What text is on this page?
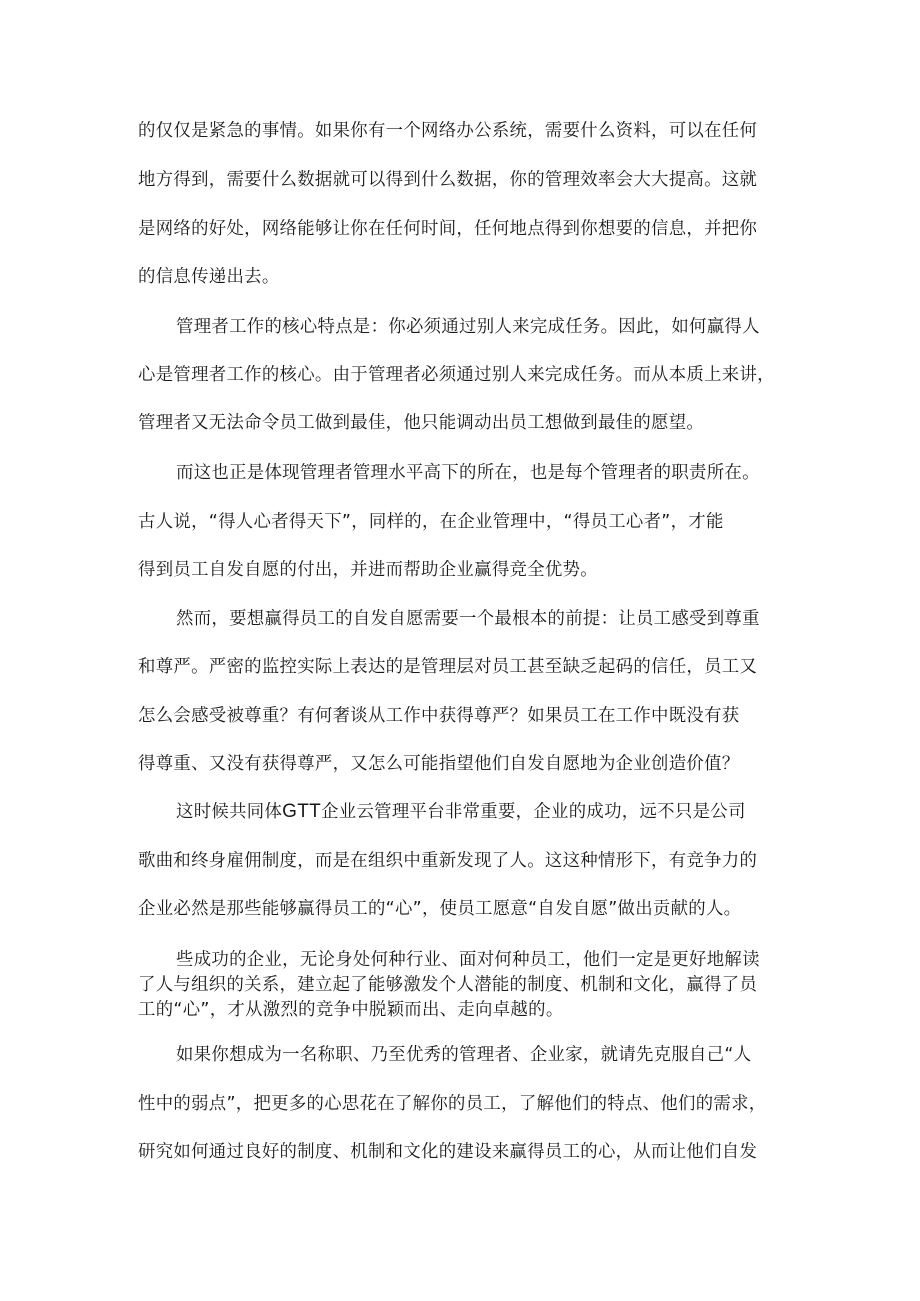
的仅仅是紧急的事情。如果你有一个网络办公系统，需要什么资料，可以在任何
地方得到，需要什么数据就可以得到什么数据，你的管理效率会大大提高。这就
是网络的好处，网络能够让你在任何时间，任何地点得到你想要的信息，并把你
的信息传递出去。
管理者工作的核心特点是：你必须通过别人来完成任务。因此，如何赢得人
心是管理者工作的核心。由于管理者必须通过别人来完成任务。而从本质上来讲，
管理者又无法命令员工做到最佳，他只能调动出员工想做到最佳的愿望。
而这也正是体现管理者管理水平高下的所在，也是每个管理者的职责所在。
古人说，“得人心者得天下”，同样的，在企业管理中，“得员工心者”，才能
得到员工自发自愿的付出，并进而帮助企业赢得竞全优势。
然而，要想赢得员工的自发自愿需要一个最根本的前提：让员工感受到尊重
和尊严。严密的监控实际上表达的是管理层对员工甚至缺乏起码的信任，员工又
怎么会感受被尊重？有何奢谈从工作中获得尊严？如果员工在工作中既没有获
得尊重、又没有获得尊严，又怎么可能指望他们自发自愿地为企业创造价值？
这时候共同体GTT企业云管理平台非常重要，企业的成功，远不只是公司
歌曲和终身雇佣制度，而是在组织中重新发现了人。这这种情形下，有竞争力的
企业必然是那些能够赢得员工的“心”，使员工愿意“自发自愿”做出贡献的人。
些成功的企业，无论身处何种行业、面对何种员工，他们一定是更好地解读
了人与组织的关系，建立起了能够激发个人潜能的制度、机制和文化，赢得了员
工的“心”，才从激烈的竞争中脱颖而出、走向卓越的。
如果你想成为一名称职、乃至优秀的管理者、企业家，就请先克服自己“人
性中的弱点”，把更多的心思花在了解你的员工，了解他们的特点、他们的需求，
研究如何通过良好的制度、机制和文化的建设来赢得员工的心，从而让他们自发
